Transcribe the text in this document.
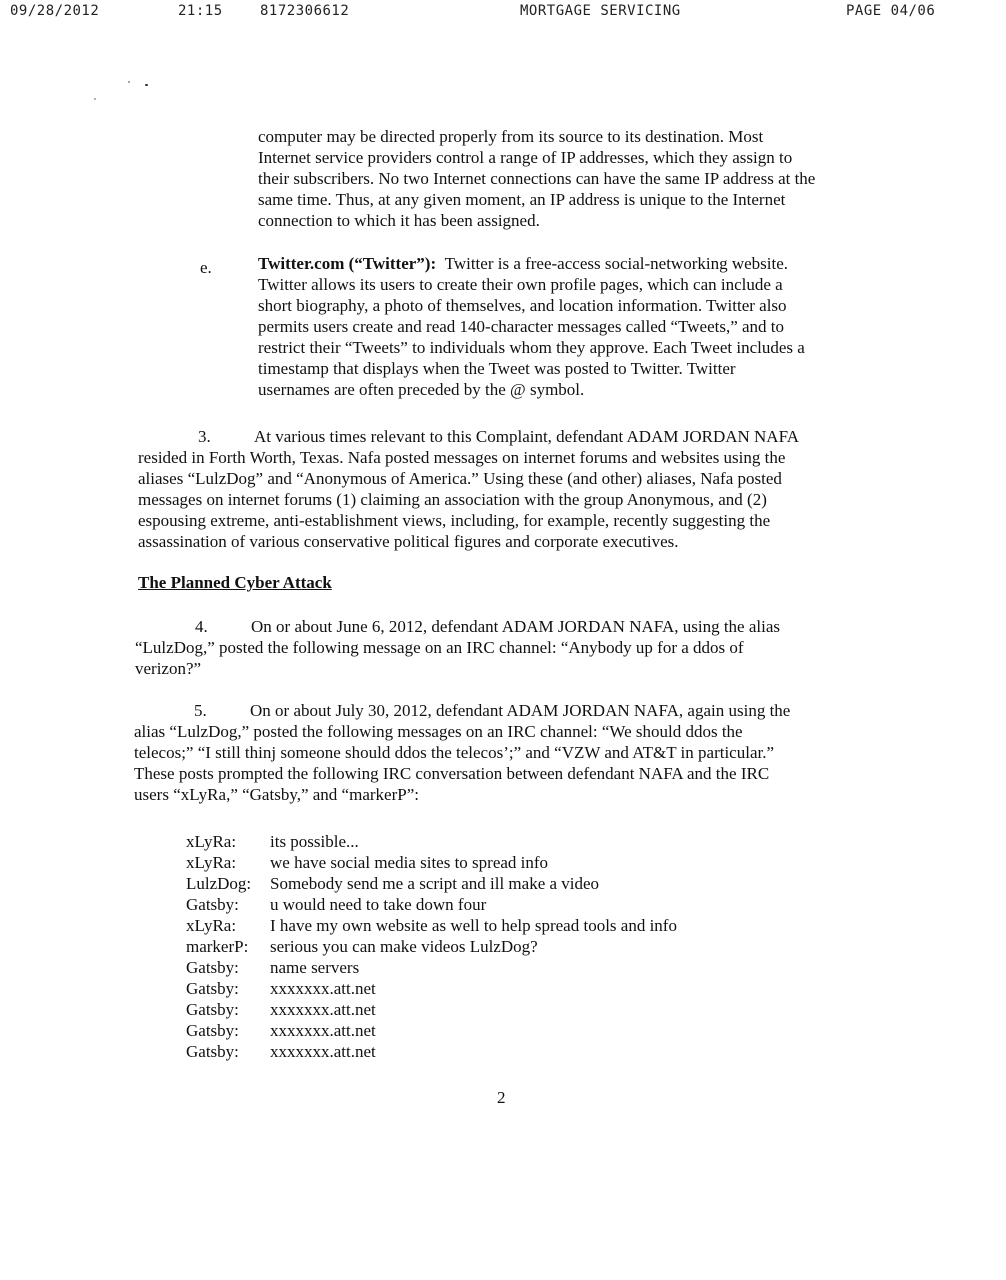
09/28/2012	21:15	8172306612	MORTGAGE SERVICING	PAGE 04/06

computer may be directed properly from its source to its destination. Most

Internet service providers control a range of IP addresses, which they assign to

their subscribers. No two Internet connections can have the same IP address at the

same time. Thus, at any given moment, an IP address is unique to the Internet

connection to which it has been assigned.

e.	Twitter.com (“Twitter”): Twitter is a free-access social-networking website.

Twitter allows its users to create their own profile pages, which can include a

short biography, a photo of themselves, and location information. Twitter also

permits users create and read 140-character messages called “Tweets,” and to

restrict their “Tweets” to individuals whom they approve. Each Tweet includes a

timestamp that displays when the Tweet was posted to Twitter. Twitter

usernames are often preceded by the @ symbol.

3.	At various times relevant to this Complaint, defendant ADAM JORDAN NAFA

resided in Forth Worth, Texas. Nafa posted messages on internet forums and websites using the

aliases “LulzDog” and “Anonymous of America.” Using these (and other) aliases, Nafa posted

messages on internet forums (1) claiming an association with the group Anonymous, and (2)

espousing extreme, anti-establishment views, including, for example, recently suggesting the

assassination of various conservative political figures and corporate executives.

The Planned Cyber Attack

4.	On or about June 6, 2012, defendant ADAM JORDAN NAFA, using the alias

“LulzDog,” posted the following message on an IRC channel: “Anybody up for a ddos of

verizon?”

5.	On or about July 30, 2012, defendant ADAM JORDAN NAFA, again using the

alias “LulzDog,” posted the following messages on an IRC channel: “We should ddos the

telecos;” “I still thinj someone should ddos the telecos’;” and “VZW and AT&T in particular.”

These posts prompted the following IRC conversation between defendant NAFA and the IRC

users “xLyRa,” “Gatsby,” and “markerP”:

xLyRa: its possible...
xLyRa: we have social media sites to spread info
LulzDog: Somebody send me a script and ill make a video
Gatsby: u would need to take down four
xLyRa: I have my own website as well to help spread tools and info
markerP: serious you can make videos LulzDog?
Gatsby: name servers
Gatsby: xxxxxxx.att.net
Gatsby: xxxxxxx.att.net
Gatsby: xxxxxxx.att.net
Gatsby: xxxxxxx.att.net
2
